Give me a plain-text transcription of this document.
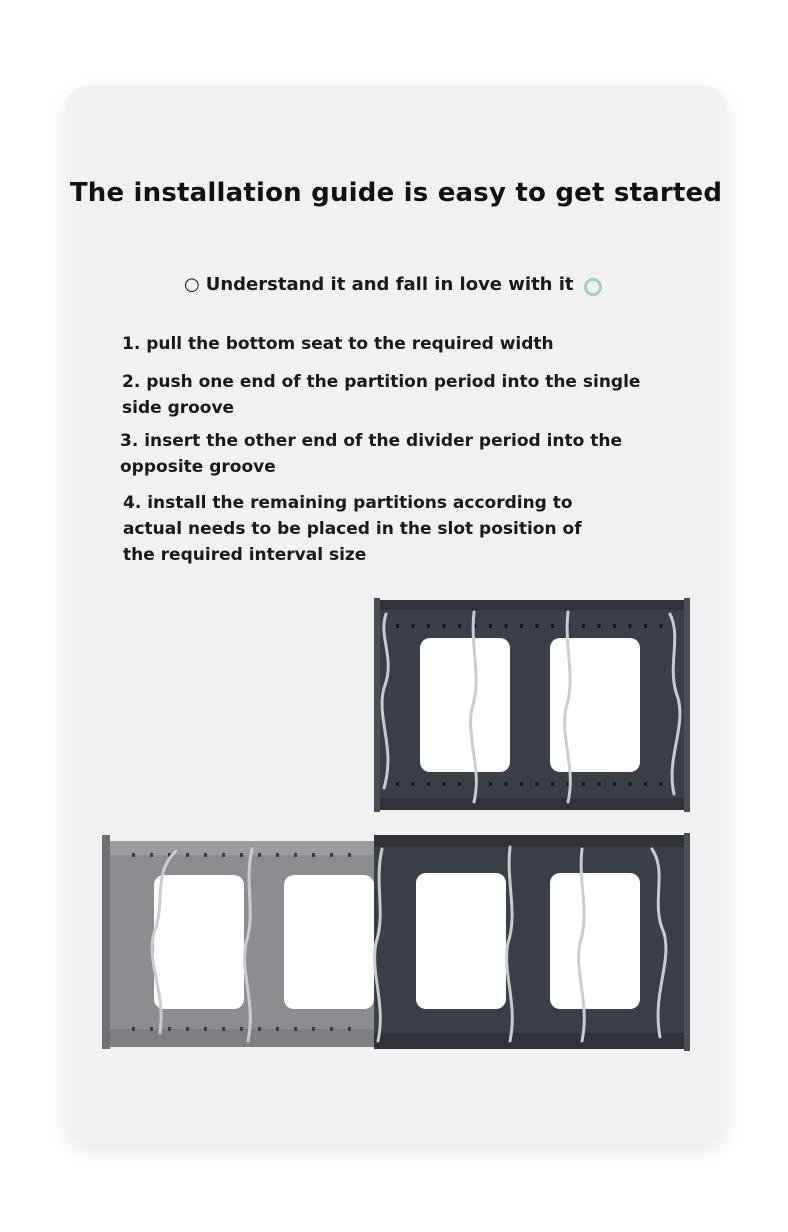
The installation guide is easy to get started
○ Understand it and fall in love with it

1. pull the bottom seat to the required width

2. push one end of the partition period into the single side groove

3. insert the other end of the divider period into the opposite groove

4. install the remaining partitions according to actual needs to be placed in the slot position of the required interval size
